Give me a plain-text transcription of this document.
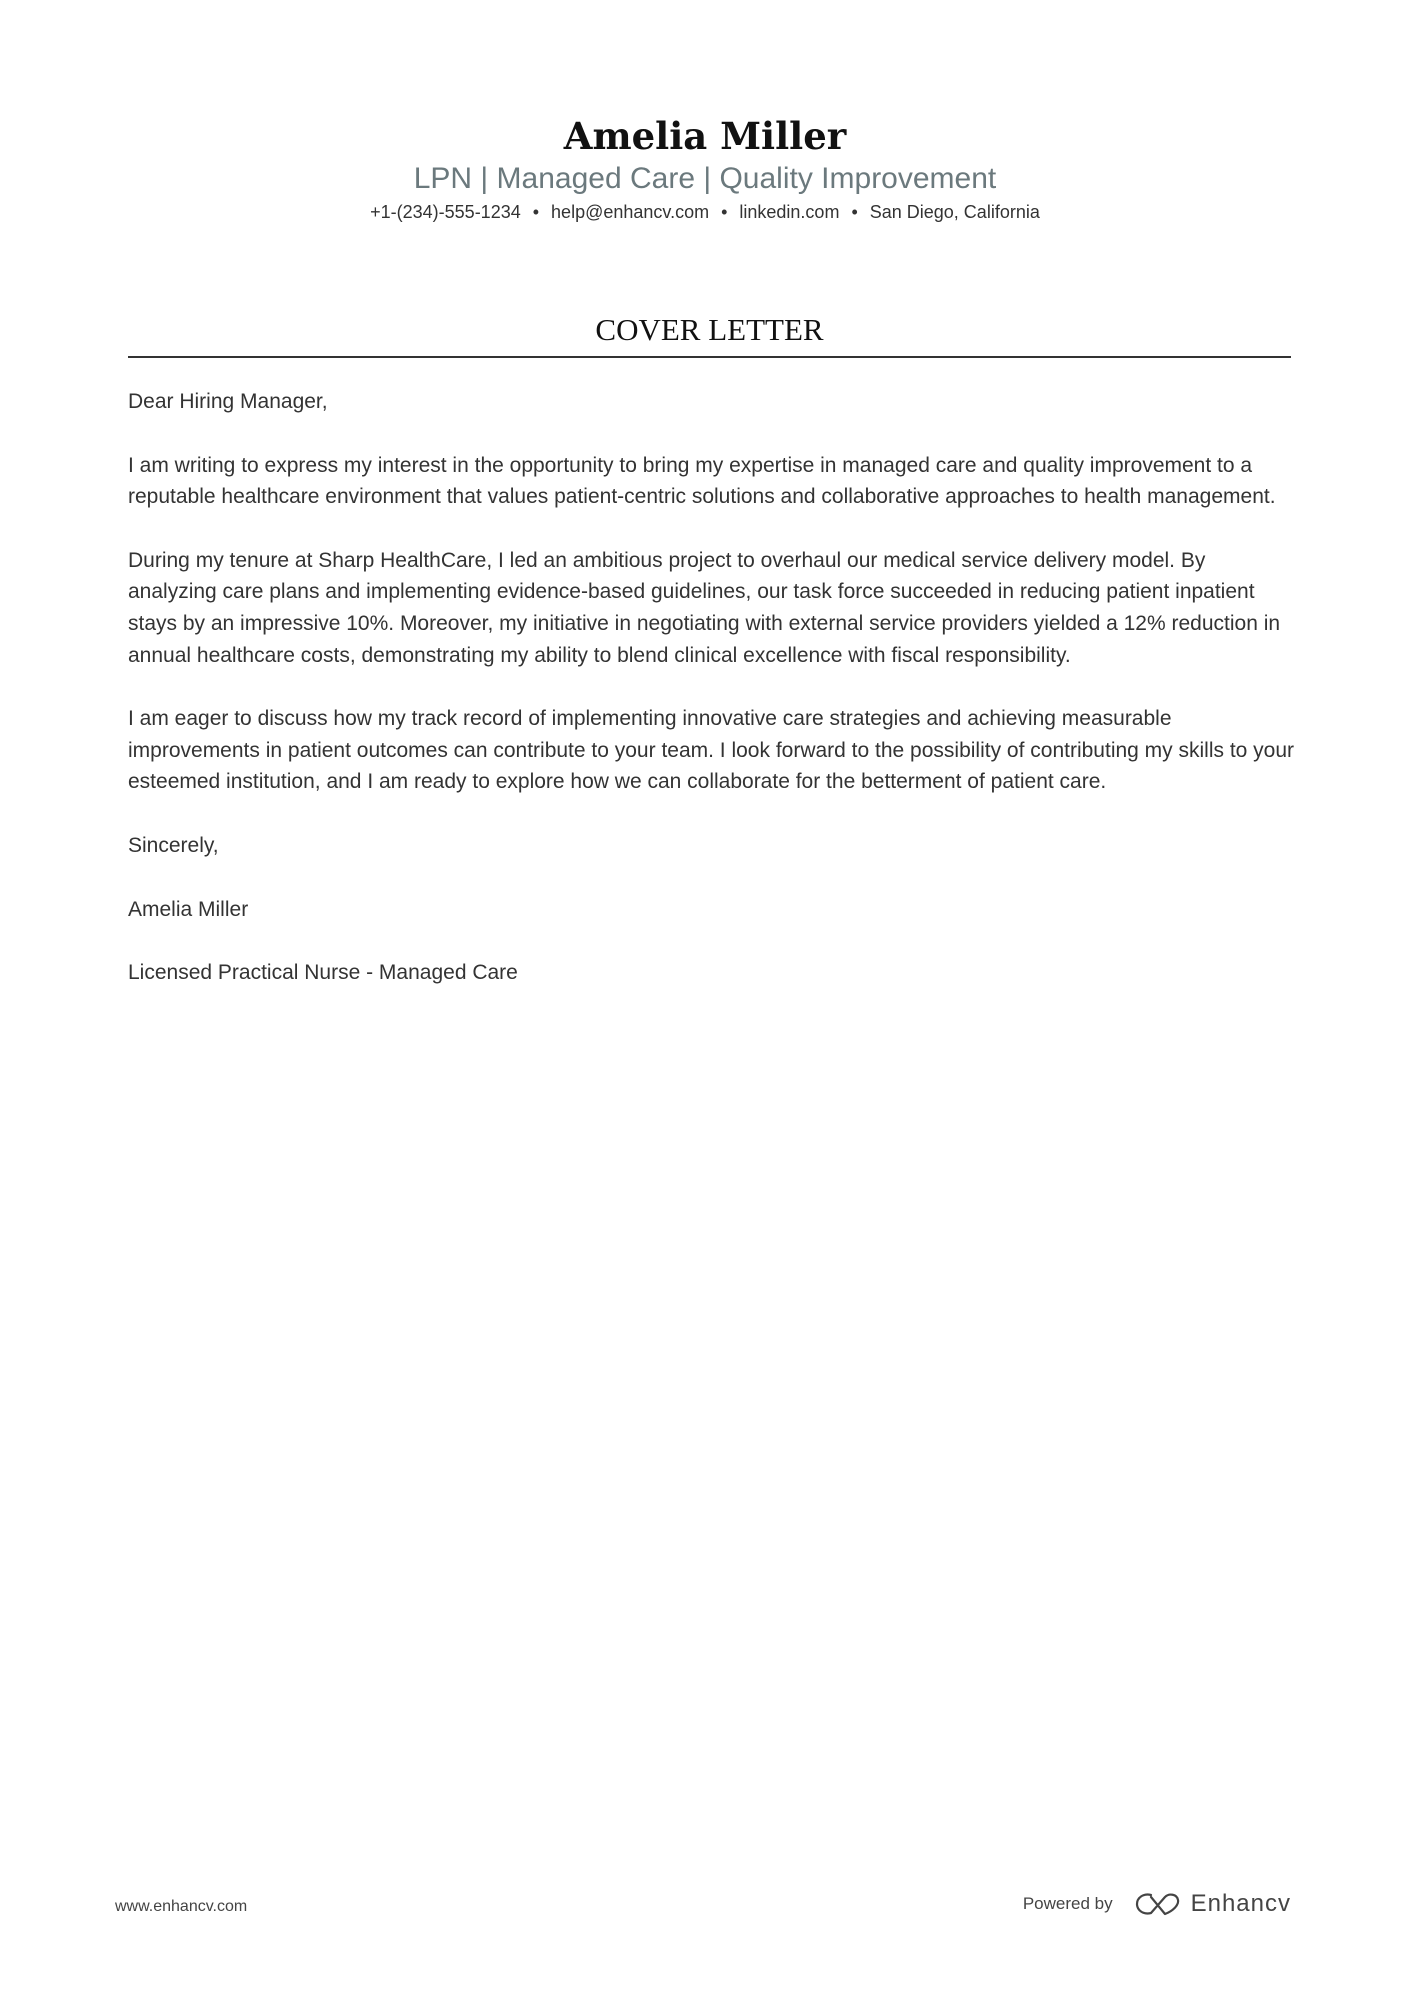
Amelia Miller
LPN | Managed Care | Quality Improvement
+1-(234)-555-1234 • help@enhancv.com • linkedin.com • San Diego, California
COVER LETTER

Dear Hiring Manager,

I am writing to express my interest in the opportunity to bring my expertise in managed care and quality improvement to a reputable healthcare environment that values patient-centric solutions and collaborative approaches to health management.

During my tenure at Sharp HealthCare, I led an ambitious project to overhaul our medical service delivery model. By analyzing care plans and implementing evidence-based guidelines, our task force succeeded in reducing patient inpatient stays by an impressive 10%. Moreover, my initiative in negotiating with external service providers yielded a 12% reduction in annual healthcare costs, demonstrating my ability to blend clinical excellence with fiscal responsibility.

I am eager to discuss how my track record of implementing innovative care strategies and achieving measurable improvements in patient outcomes can contribute to your team. I look forward to the possibility of contributing my skills to your esteemed institution, and I am ready to explore how we can collaborate for the betterment of patient care.

Sincerely,

Amelia Miller

Licensed Practical Nurse - Managed Care

www.enhancv.com	Powered by	Enhancv
